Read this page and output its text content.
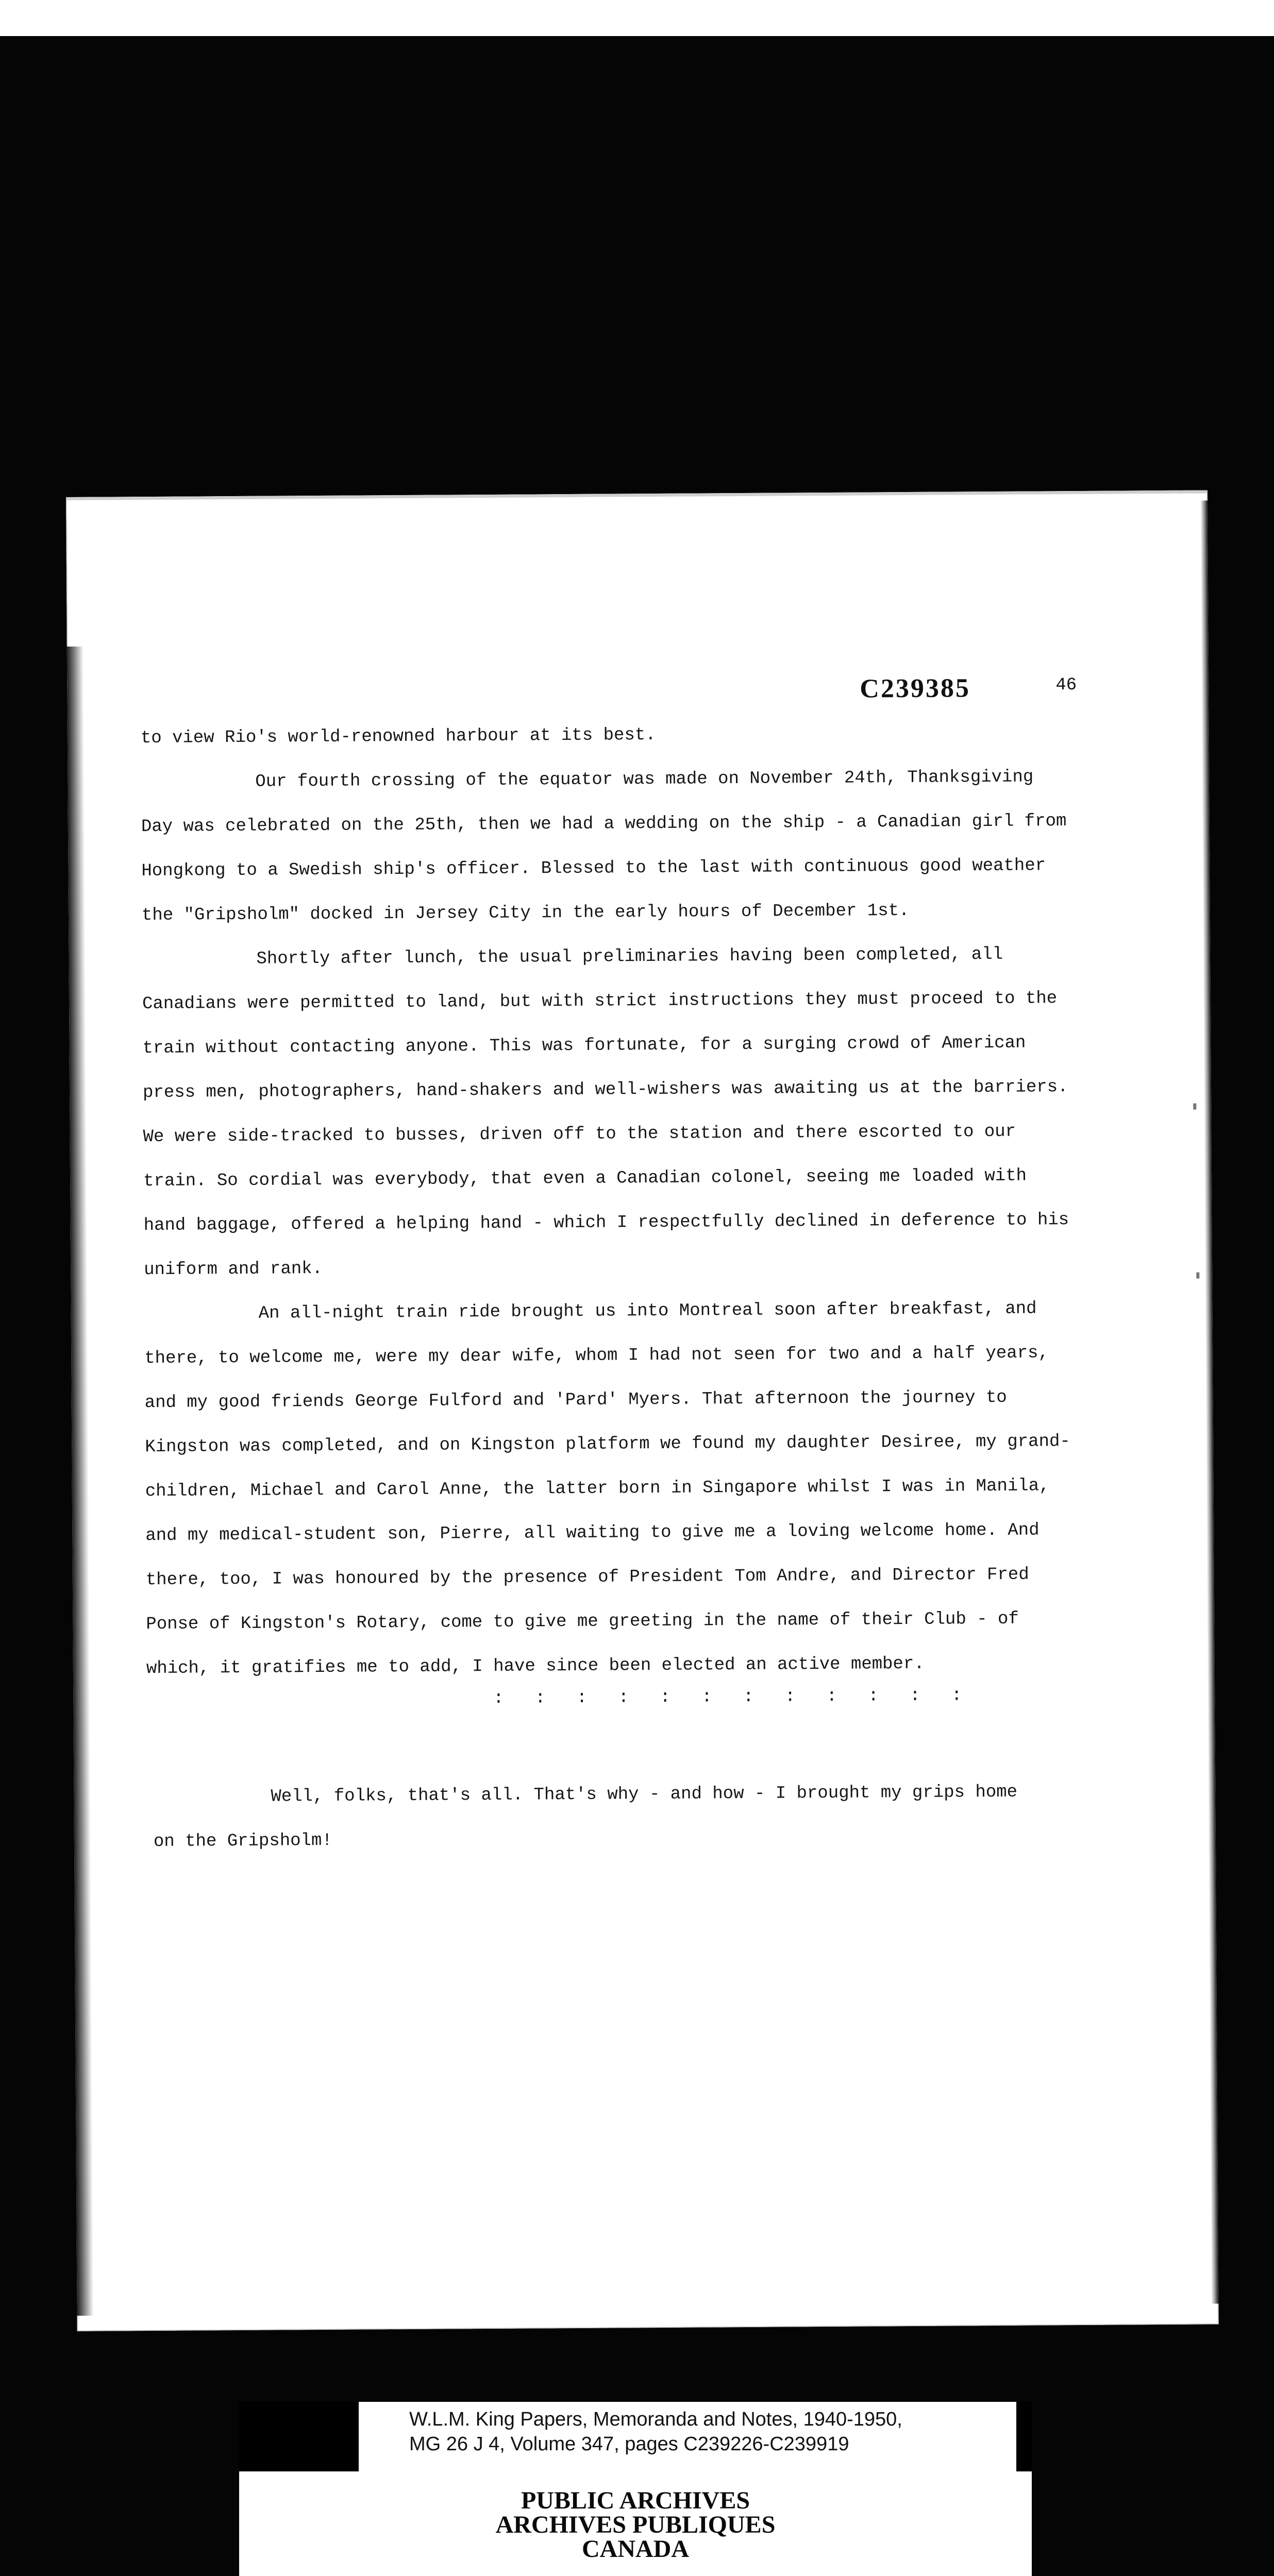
C239385	46
to view Rio's world-renowned harbour at its best.
Our fourth crossing of the equator was made on November 24th, Thanksgiving
Day was celebrated on the 25th, then we had a wedding on the ship - a Canadian girl from
Hongkong to a Swedish ship's officer. Blessed to the last with continuous good weather
the "Gripsholm" docked in Jersey City in the early hours of December 1st.
Shortly after lunch, the usual preliminaries having been completed, all
Canadians were permitted to land, but with strict instructions they must proceed to the
train without contacting anyone. This was fortunate, for a surging crowd of American
press men, photographers, hand-shakers and well-wishers was awaiting us at the barriers.
We were side-tracked to busses, driven off to the station and there escorted to our
train. So cordial was everybody, that even a Canadian colonel, seeing me loaded with
hand baggage, offered a helping hand - which I respectfully declined in deference to his
uniform and rank.
An all-night train ride brought us into Montreal soon after breakfast, and
there, to welcome me, were my dear wife, whom I had not seen for two and a half years,
and my good friends George Fulford and 'Pard' Myers. That afternoon the journey to
Kingston was completed, and on Kingston platform we found my daughter Desiree, my grand-
children, Michael and Carol Anne, the latter born in Singapore whilst I was in Manila,
and my medical-student son, Pierre, all waiting to give me a loving welcome home. And
there, too, I was honoured by the presence of President Tom Andre, and Director Fred
Ponse of Kingston's Rotary, come to give me greeting in the name of their Club - of
which, it gratifies me to add, I have since been elected an active member.
: : : : : : : : : : : :
Well, folks, that's all. That's why - and how - I brought my grips home
on the Gripsholm!
W.L.M. King Papers, Memoranda and Notes, 1940-1950,
MG 26 J 4, Volume 347, pages C239226-C239919
PUBLIC ARCHIVES
ARCHIVES PUBLIQUES
CANADA
